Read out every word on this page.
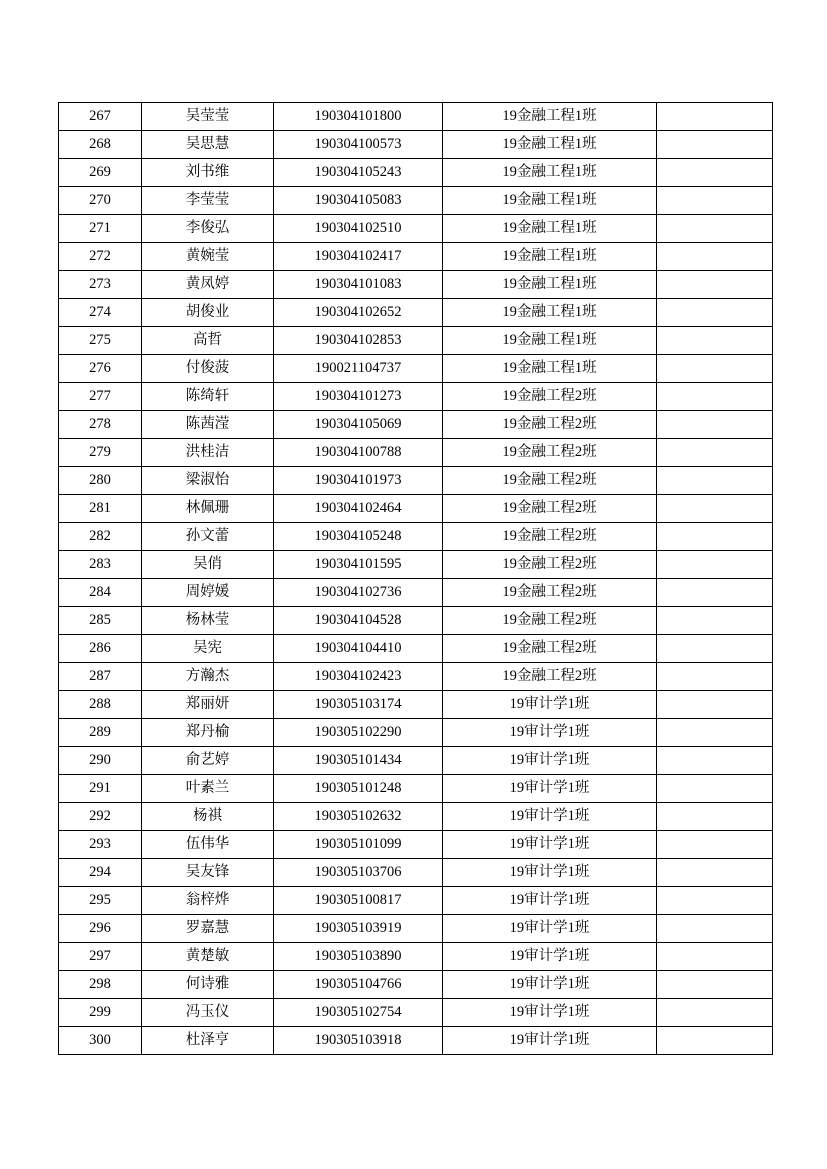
267	吴莹莹	190304101800	19金融工程1班	
268	吴思慧	190304100573	19金融工程1班	
269	刘书维	190304105243	19金融工程1班	
270	李莹莹	190304105083	19金融工程1班	
271	李俊弘	190304102510	19金融工程1班	
272	黄婉莹	190304102417	19金融工程1班	
273	黄凤婷	190304101083	19金融工程1班	
274	胡俊业	190304102652	19金融工程1班	
275	高哲	190304102853	19金融工程1班	
276	付俊菠	190021104737	19金融工程1班	
277	陈绮轩	190304101273	19金融工程2班	
278	陈茜滢	190304105069	19金融工程2班	
279	洪桂洁	190304100788	19金融工程2班	
280	梁淑怡	190304101973	19金融工程2班	
281	林佩珊	190304102464	19金融工程2班	
282	孙文蕾	190304105248	19金融工程2班	
283	吴俏	190304101595	19金融工程2班	
284	周婷媛	190304102736	19金融工程2班	
285	杨林莹	190304104528	19金融工程2班	
286	吴宪	190304104410	19金融工程2班	
287	方瀚杰	190304102423	19金融工程2班	
288	郑丽妍	190305103174	19审计学1班	
289	郑丹榆	190305102290	19审计学1班	
290	俞艺婷	190305101434	19审计学1班	
291	叶素兰	190305101248	19审计学1班	
292	杨祺	190305102632	19审计学1班	
293	伍伟华	190305101099	19审计学1班	
294	吴友锋	190305103706	19审计学1班	
295	翁梓烨	190305100817	19审计学1班	
296	罗嘉慧	190305103919	19审计学1班	
297	黄楚敏	190305103890	19审计学1班	
298	何诗雅	190305104766	19审计学1班	
299	冯玉仪	190305102754	19审计学1班	
300	杜泽亨	190305103918	19审计学1班	
